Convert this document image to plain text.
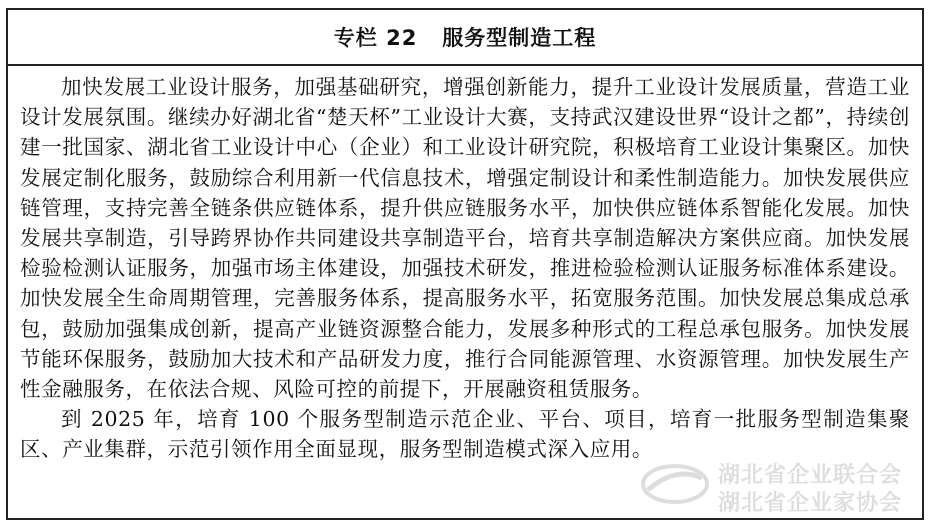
专栏 22   服务型制造工程

加快发展工业设计服务，加强基础研究，增强创新能力，提升工业设计发展质量，营造工业设计发展氛围。继续办好湖北省“楚天杯”工业设计大赛，支持武汉建设世界“设计之都”，持续创建一批国家、湖北省工业设计中心（企业）和工业设计研究院，积极培育工业设计集聚区。加快发展定制化服务，鼓励综合利用新一代信息技术，增强定制设计和柔性制造能力。加快发展供应链管理，支持完善全链条供应链体系，提升供应链服务水平，加快供应链体系智能化发展。加快发展共享制造，引导跨界协作共同建设共享制造平台，培育共享制造解决方案供应商。加快发展检验检测认证服务，加强市场主体建设，加强技术研发，推进检验检测认证服务标准体系建设。加快发展全生命周期管理，完善服务体系，提高服务水平，拓宽服务范围。加快发展总集成总承包，鼓励加强集成创新，提高产业链资源整合能力，发展多种形式的工程总承包服务。加快发展节能环保服务，鼓励加大技术和产品研发力度，推行合同能源管理、水资源管理。加快发展生产性金融服务，在依法合规、风险可控的前提下，开展融资租赁服务。

到 2025 年，培育 100 个服务型制造示范企业、平台、项目，培育一批服务型制造集聚区、产业集群，示范引领作用全面显现，服务型制造模式深入应用。

湖北省企业联合会
湖北省企业家协会
